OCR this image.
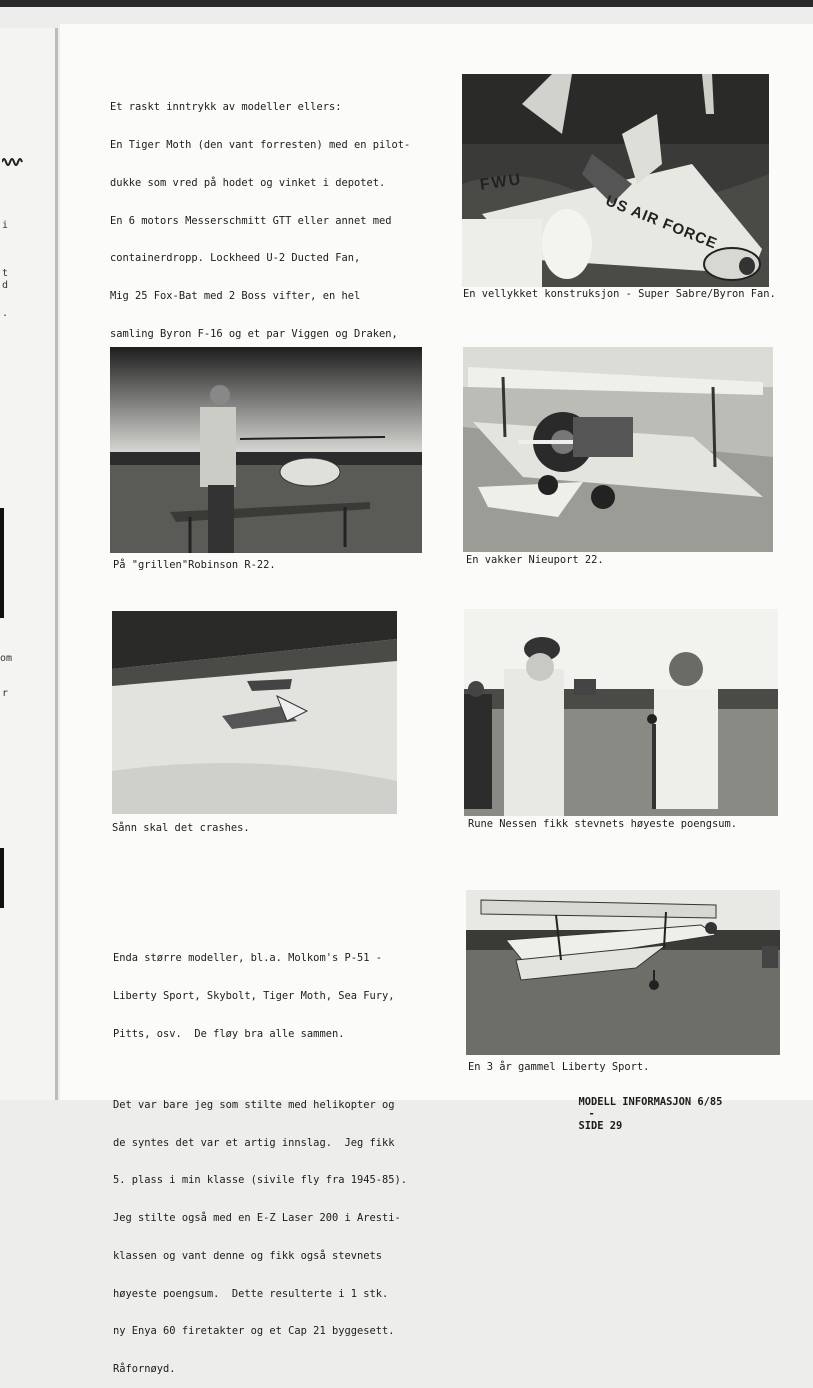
i
t
d
.
om
r

Et raskt inntrykk av modeller ellers:

En Tiger Moth (den vant forresten) med en pilot-

dukke som vred på hodet og vinket i depotet.

En 6 motors Messerschmitt GTT eller annet med

containerdropp. Lockheed U-2 Ducted Fan,

Mig 25 Fox-Bat med 2 Boss vifter, en hel

samling Byron F-16 og et par Viggen og Draken,

FWU
US AIR FORCE
En vellykket konstruksjon - Super Sabre/Byron Fan.
På "grillen"Robinson R-22.	En vakker Nieuport 22.
Sånn skal det crashes.	Rune Nessen fikk stevnets høyeste poengsum.

Enda større modeller, bl.a. Molkom's P-51 -

Liberty Sport, Skybolt, Tiger Moth, Sea Fury,

Pitts, osv.  De fløy bra alle sammen.

Det var bare jeg som stilte med helikopter og

de syntes det var et artig innslag.  Jeg fikk

5. plass i min klasse (sivile fly fra 1945-85).

Jeg stilte også med en E-Z Laser 200 i Aresti-

klassen og vant denne og fikk også stevnets

høyeste poengsum.  Dette resulterte i 1 stk.

ny Enya 60 firetakter og et Cap 21 byggesett.

Råfornøyd.

En 3 år gammel Liberty Sport.

MODELL INFORMASJON 6/85
-
SIDE 29
